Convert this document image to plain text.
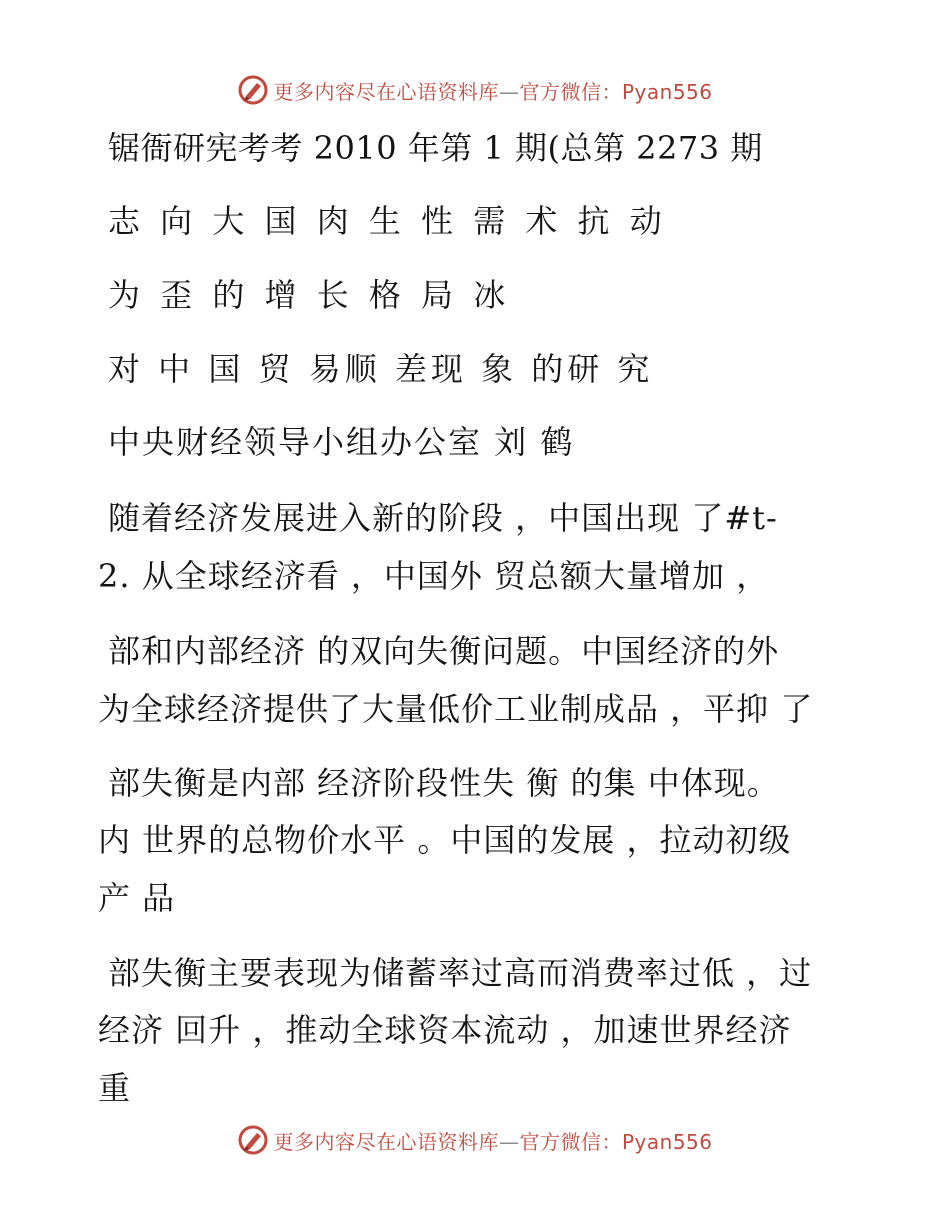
更多内容尽在心语资料库—官方微信：Pyan556
锯衙研宪考考 2010 年第 1 期(总第 2273 期
志 向 大 国 肉 生 性 需 术 抗 动
为 歪 的 增 长 格 局 冰
对 中 国 贸 易顺 差现 象 的研 究
中央财经领导小组办公室 刘 鹤
随着经济发展进入新的阶段 ，中国出现 了#t-
2. 从全球经济看 ，中国外 贸总额大量增加 ，
部和内部经济 的双向失衡问题。中国经济的外
为全球经济提供了大量低价工业制成品 ，平抑 了
部失衡是内部 经济阶段性失 衡 的集 中体现。
内 世界的总物价水平 。中国的发展 ，拉动初级
产 品
部失衡主要表现为储蓄率过高而消费率过低 ，过
经济 回升 ，推动全球资本流动 ，加速世界经济
重
更多内容尽在心语资料库—官方微信：Pyan556
